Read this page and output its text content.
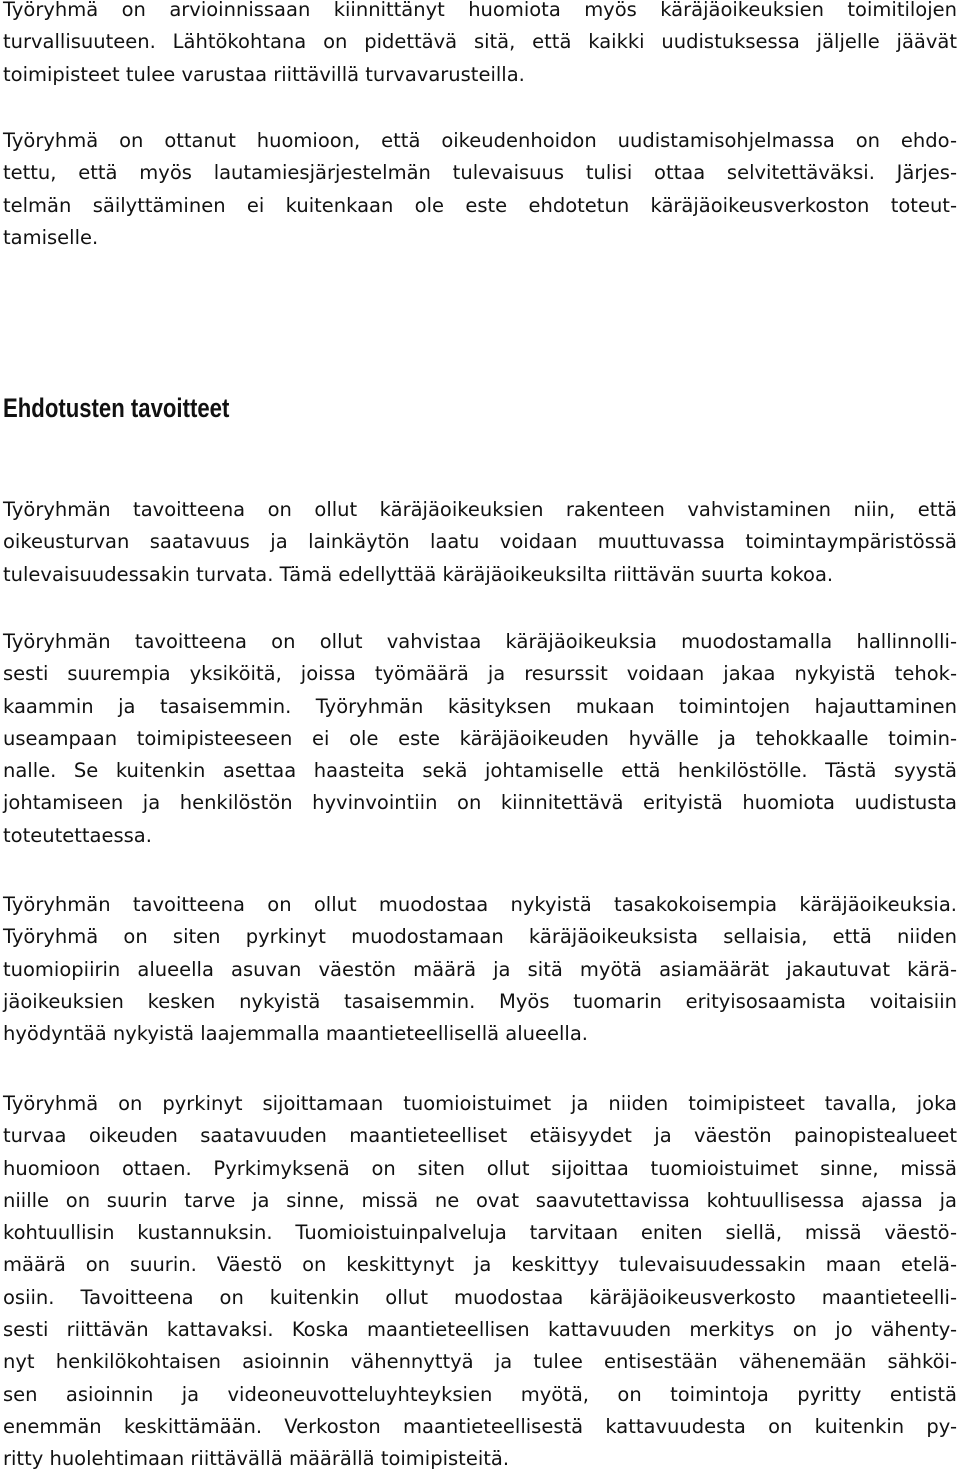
Työryhmä on arvioinnissaan kiinnittänyt huomiota myös käräjäoikeuksien toimitilojen
turvallisuuteen. Lähtökohtana on pidettävä sitä, että kaikki uudistuksessa jäljelle jäävät
toimipisteet tulee varustaa riittävillä turvavarusteilla.
Työryhmä on ottanut huomioon, että oikeudenhoidon uudistamisohjelmassa on ehdo-
tettu, että myös lautamiesjärjestelmän tulevaisuus tulisi ottaa selvitettäväksi. Järjes-
telmän säilyttäminen ei kuitenkaan ole este ehdotetun käräjäoikeusverkoston toteut-
tamiselle.
Ehdotusten tavoitteet
Työryhmän tavoitteena on ollut käräjäoikeuksien rakenteen vahvistaminen niin, että
oikeusturvan saatavuus ja lainkäytön laatu voidaan muuttuvassa toimintaympäristössä
tulevaisuudessakin turvata. Tämä edellyttää käräjäoikeuksilta riittävän suurta kokoa.
Työryhmän tavoitteena on ollut vahvistaa käräjäoikeuksia muodostamalla hallinnolli-
sesti suurempia yksiköitä, joissa työmäärä ja resurssit voidaan jakaa nykyistä tehok-
kaammin ja tasaisemmin. Työryhmän käsityksen mukaan toimintojen hajauttaminen
useampaan toimipisteeseen ei ole este käräjäoikeuden hyvälle ja tehokkaalle toimin-
nalle. Se kuitenkin asettaa haasteita sekä johtamiselle että henkilöstölle. Tästä syystä
johtamiseen ja henkilöstön hyvinvointiin on kiinnitettävä erityistä huomiota uudistusta
toteutettaessa.
Työryhmän tavoitteena on ollut muodostaa nykyistä tasakokoisempia käräjäoikeuksia.
Työryhmä on siten pyrkinyt muodostamaan käräjäoikeuksista sellaisia, että niiden
tuomiopiirin alueella asuvan väestön määrä ja sitä myötä asiamäärät jakautuvat kärä-
jäoikeuksien kesken nykyistä tasaisemmin. Myös tuomarin erityisosaamista voitaisiin
hyödyntää nykyistä laajemmalla maantieteellisellä alueella.
Työryhmä on pyrkinyt sijoittamaan tuomioistuimet ja niiden toimipisteet tavalla, joka
turvaa oikeuden saatavuuden maantieteelliset etäisyydet ja väestön painopistealueet
huomioon ottaen. Pyrkimyksenä on siten ollut sijoittaa tuomioistuimet sinne, missä
niille on suurin tarve ja sinne, missä ne ovat saavutettavissa kohtuullisessa ajassa ja
kohtuullisin kustannuksin. Tuomioistuinpalveluja tarvitaan eniten siellä, missä väestö-
määrä on suurin. Väestö on keskittynyt ja keskittyy tulevaisuudessakin maan etelä-
osiin. Tavoitteena on kuitenkin ollut muodostaa käräjäoikeusverkosto maantieteelli-
sesti riittävän kattavaksi. Koska maantieteellisen kattavuuden merkitys on jo vähenty-
nyt henkilökohtaisen asioinnin vähennyttyä ja tulee entisestään vähenemään sähköi-
sen asioinnin ja videoneuvotteluyhteyksien myötä, on toimintoja pyritty entistä
enemmän keskittämään. Verkoston maantieteellisestä kattavuudesta on kuitenkin py-
ritty huolehtimaan riittävällä määrällä toimipisteitä.
